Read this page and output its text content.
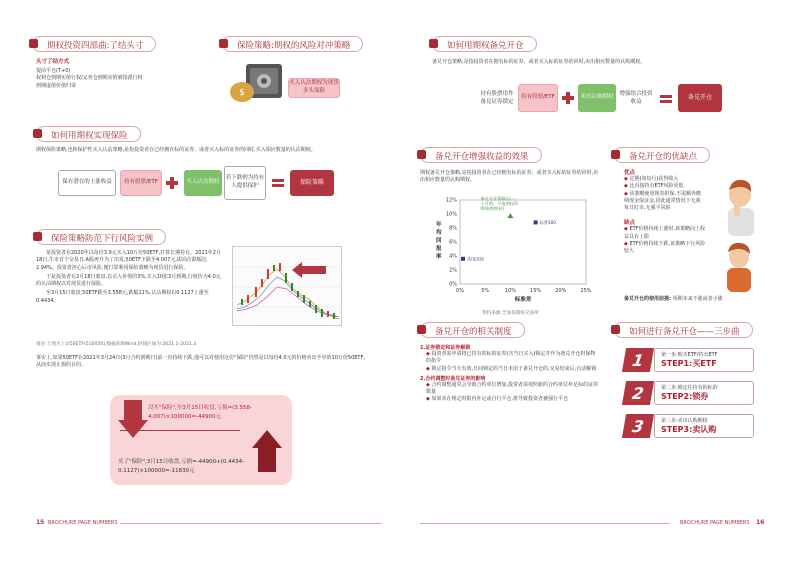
期权投资四部曲:了结头寸	保险策略:期权的风险对冲策略
头寸了结方式
提前平仓(T+0)
权利仓到期实值行权/义务仓到期实值被指派行权
到期虚值价值归零
$
买入认沽期权为现货多头保险
如何用期权实现保险
期权保险策略,也称保护性买入认沽策略,是指投资者在已经拥有标的证券、或者买入标的证券的同时,买入相应数量的认沽期权。
保有潜在的上涨收益	持有股票/ETF	买入认沽期权
若下跌则为持有人提供保护
保险策略
保险策略防范下行风险实例

某投资者在2020年以每份3.9元买入10万份50ETF,打算长期持有。2021年2月18日,牛市首个交易日,A股再升为了出发,50ETF下跌至4.007元,即高位跌幅达2.94%。投资者担心后市风险,便打算利用保险策略为现货进行保险。

于是投资者在2月18日收盘,以买入价值的3%,买入10张3月到期,行权价为4.0元的认沽期权以对现货进行保险。

至3月15日收盘,50ETF跌至3.558元,跌幅11%,认沽期权以0.1127上涨至0.4434。

备注:上图为上证50ETF(510050),数据来源Wind,时间区间为:2021.1-2021.3
事实上,如果50ETF在2021年3月24日(3月合约到期日)前一直持续下跌,他可以对使用这份"保险"仍然是以每份4.0元的价格卖出手中的10万份50ETF,从而实现止损的目的。
没买"保险",至3月15日收盘,亏损=(3.558-4.007)×100000=-44900元
买了"保险",3月15日收盘,亏损=-44900+(0.4434-0.1127)×100000=-11830元
15 BROCHURE PAGE NUMBERS
如何用期权备兑开仓
备兑开仓策略,是指投资者在拥有标的证券、或者买入标的证券的同时,卖出相应数量的认购期权。
持有股票用作备兑证券锁定
持有股票/ETF	卖出认购期权	增强组合投资收益
备兑开仓
备兑开仓增强收益的效果	备兑开仓的优缺点
期权备兑开仓策略,是指投资者在已经拥有标的证券、或者买入标的证券的同时,卖出相应数量的认购期权。
0%
2%
4%
6%
8%
10%
12%
0%	5%	10%	15%	20%	25%
年均回报率
标准差
备兑开仓策略(以一个月期、平值期权/5 00指数期权)
标普500
美国国债
资料来源:芝加哥期权交易所
优点
◆ 定期(如每月)获得收入
◆ 比直接持有ETF风险更低
◆ 该策略使用现券担保,不需额外缴纳现金保证金,因此通常情况下无须每日盯市,无强平风险
缺点
◆ ETF价格持续上涨时,该策略向上收益具有上限
◆ ETF价格持续下跌,该策略下行风险较大
备兑开仓的使用前提: 预期未来不涨或者小涨
备兑开仓的相关制度
1.证券锁定和证券解锁
◆ 投资者需申请将已持有的标的证券(含当日买入)锁定并作为备兑开仓担保物的指令
◆ 锁定指令当天有效,日间锁定的当日未用于备兑开仓的,交易结束后,自动解锁
2.合约调整时备兑证券的影响
◆ 合约调整通常会导致合约单位增加,投资者需按照新的合约单位补足标的证券数量
◆ 如果未在规定时限内补足或自行平仓,将导致投资者被强行平仓
如何进行备兑开仓——三步曲
1	第一步:购买ETF/持有ETF
STEP1:买ETF
2	第二步:锁定住持有的标的
STEP2:锁券
3	第三步:卖出认购期权
STEP3:卖认购
BROCHURE PAGE NUMBERS 16
